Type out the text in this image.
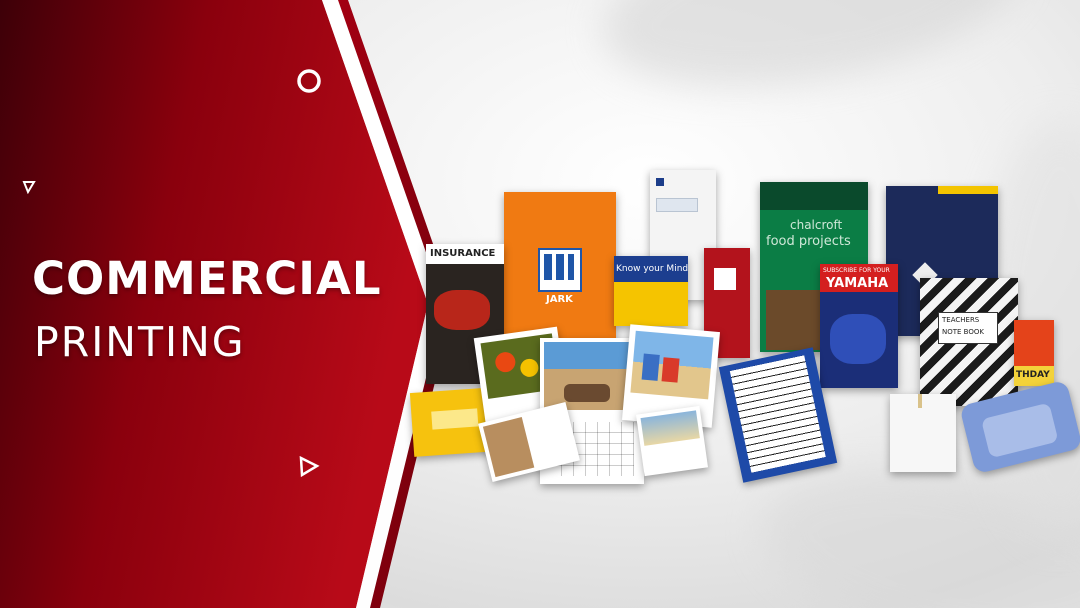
COMMERCIAL
PRINTING
chalcroft
food projects
JARK
INSURANCE
Know your Mind	SUBSCRIBE FOR YOUR
YAMAHA
TEACHERS
NOTE BOOK
THDAY
